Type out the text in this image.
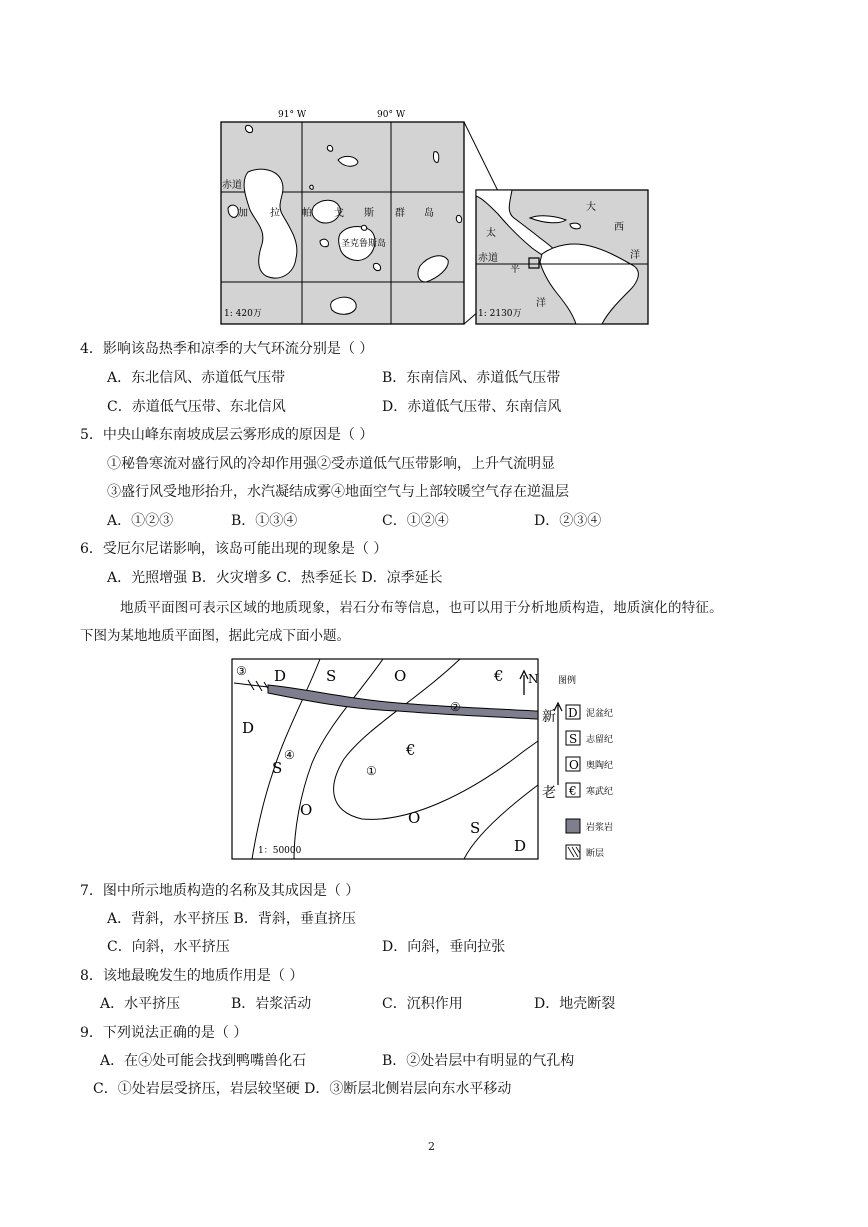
91° W	90° W
赤道
加 拉 帕 戈 斯 群 岛
圣克鲁斯岛
1: 420万
大
西
洋
太
赤道
平
洋
1: 2130万
4．影响该岛热季和凉季的大气环流分别是（ ）
A．东北信风、赤道低气压带	B．东南信风、赤道低气压带
C．赤道低气压带、东北信风	D．赤道低气压带、东南信风
5．中央山峰东南坡成层云雾形成的原因是（ ）
①秘鲁寒流对盛行风的冷却作用强②受赤道低气压带影响，上升气流明显
③盛行风受地形抬升，水汽凝结成雾④地面空气与上部较暖空气存在逆温层
A．①②③	B．①③④	C．①②④	D．②③④
6．受厄尔尼诺影响，该岛可能出现的现象是（ ）
A．光照增强 B．火灾增多 C．热季延长 D．凉季延长
地质平面图可表示区域的地质现象，岩石分布等信息，也可以用于分析地质构造，地质演化的特征。
下图为某地地质平面图，据此完成下面小题。
D	S	O	€
D
S
O
€
O
S
D
③
②
①
④
N
1：50000
图例
新
老
D 泥盆纪
S 志留纪
O 奥陶纪
€ 寒武纪
岩浆岩
断层
7．图中所示地质构造的名称及其成因是（ ）
A．背斜，水平挤压 B．背斜，垂直挤压
C．向斜，水平挤压	D．向斜，垂向拉张
8．该地最晚发生的地质作用是（ ）
A．水平挤压	B．岩浆活动	C．沉积作用	D．地壳断裂
9．下列说法正确的是（ ）
A．在④处可能会找到鸭嘴兽化石	B．②处岩层中有明显的气孔构
C．①处岩层受挤压，岩层较坚硬 D．③断层北侧岩层向东水平移动
2
